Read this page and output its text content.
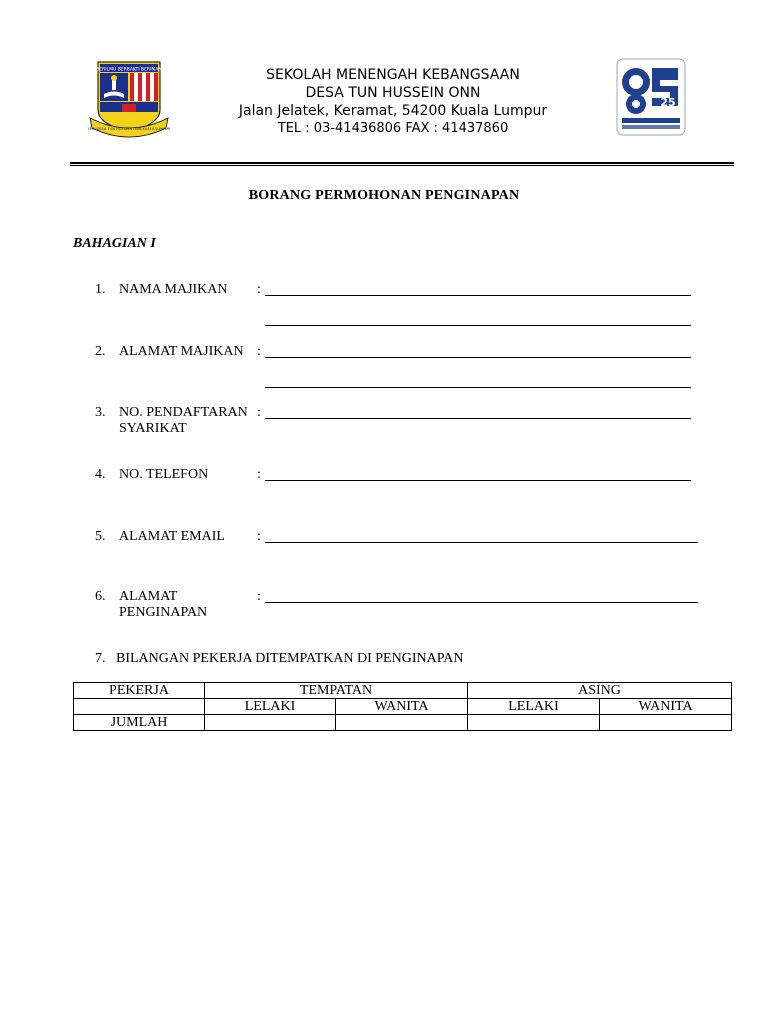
BERILMU BERBAKTI BERIMAN
SMK DESA TUN HUSSEIN ONN KUALA LUMPUR
25
SEKOLAH MENENGAH KEBANGSAAN
DESA TUN HUSSEIN ONN
Jalan Jelatek, Keramat, 54200 Kuala Lumpur
TEL : 03-41436806 FAX : 41437860
BORANG PERMOHONAN PENGINAPAN
BAHAGIAN I
1. NAMA MAJIKAN	:
2. ALAMAT MAJIKAN :
3. NO. PENDAFTARAN
SYARIKAT
:
4. NO. TELEFON	:
5. ALAMAT EMAIL	:
6. ALAMAT
PENGINAPAN
:
7. BILANGAN PEKERJA DITEMPATKAN DI PENGINAPAN
PEKERJA	TEMPATAN		ASING	
	LELAKI	WANITA	LELAKI	WANITA
JUMLAH				
